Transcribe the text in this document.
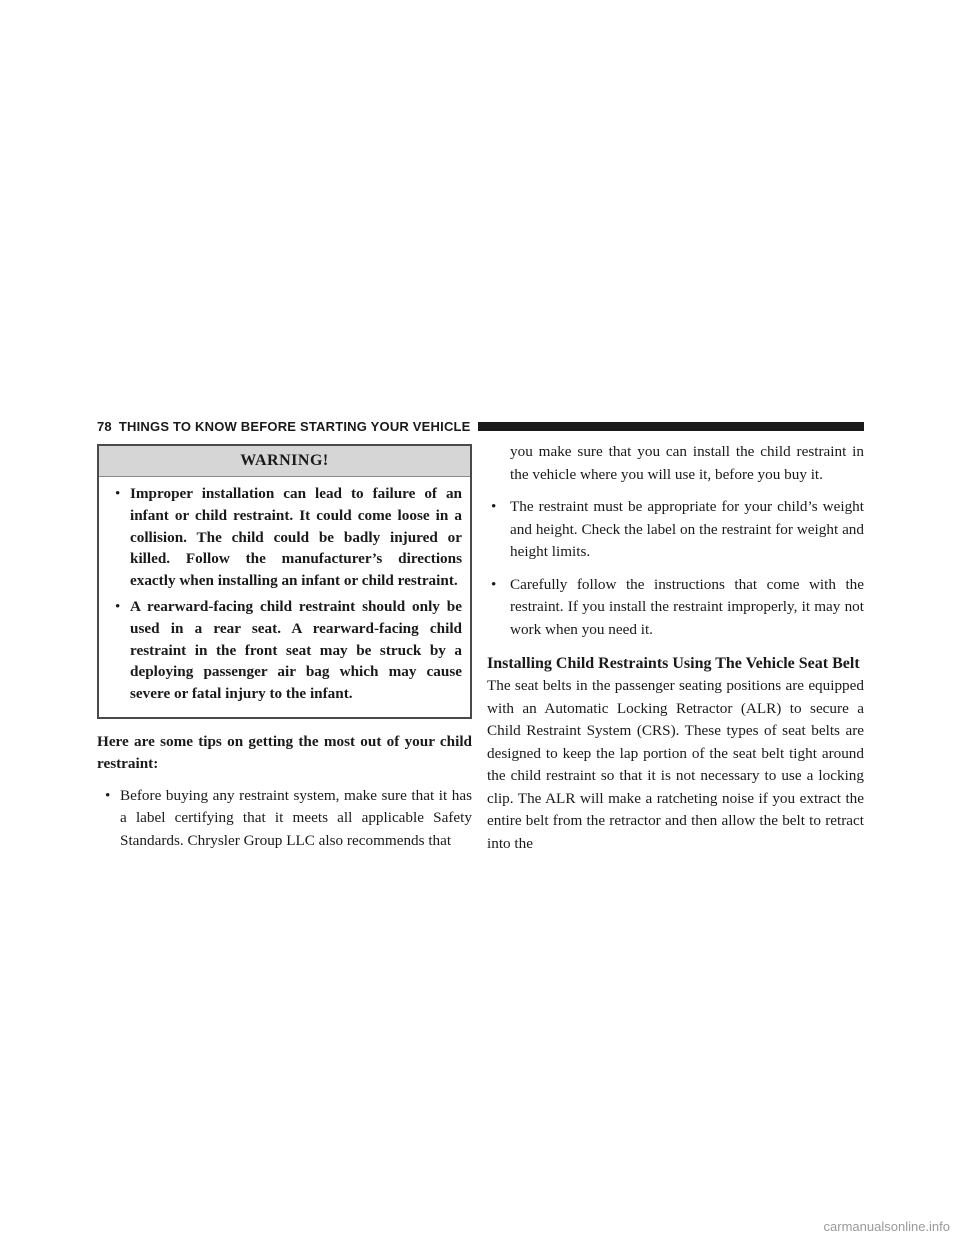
78 THINGS TO KNOW BEFORE STARTING YOUR VEHICLE
WARNING!
• Improper installation can lead to failure of an infant or child restraint. It could come loose in a collision. The child could be badly injured or killed. Follow the manufacturer’s directions exactly when installing an infant or child restraint.
• A rearward-facing child restraint should only be used in a rear seat. A rearward-facing child restraint in the front seat may be struck by a deploying passenger air bag which may cause severe or fatal injury to the infant.
Here are some tips on getting the most out of your child restraint:
• Before buying any restraint system, make sure that it has a label certifying that it meets all applicable Safety Standards. Chrysler Group LLC also recommends that
you make sure that you can install the child restraint in the vehicle where you will use it, before you buy it.
• The restraint must be appropriate for your child’s weight and height. Check the label on the restraint for weight and height limits.
• Carefully follow the instructions that come with the restraint. If you install the restraint improperly, it may not work when you need it.
Installing Child Restraints Using The Vehicle Seat Belt
The seat belts in the passenger seating positions are equipped with an Automatic Locking Retractor (ALR) to secure a Child Restraint System (CRS). These types of seat belts are designed to keep the lap portion of the seat belt tight around the child restraint so that it is not necessary to use a locking clip. The ALR will make a ratcheting noise if you extract the entire belt from the retractor and then allow the belt to retract into the
carmanualsonline.info
